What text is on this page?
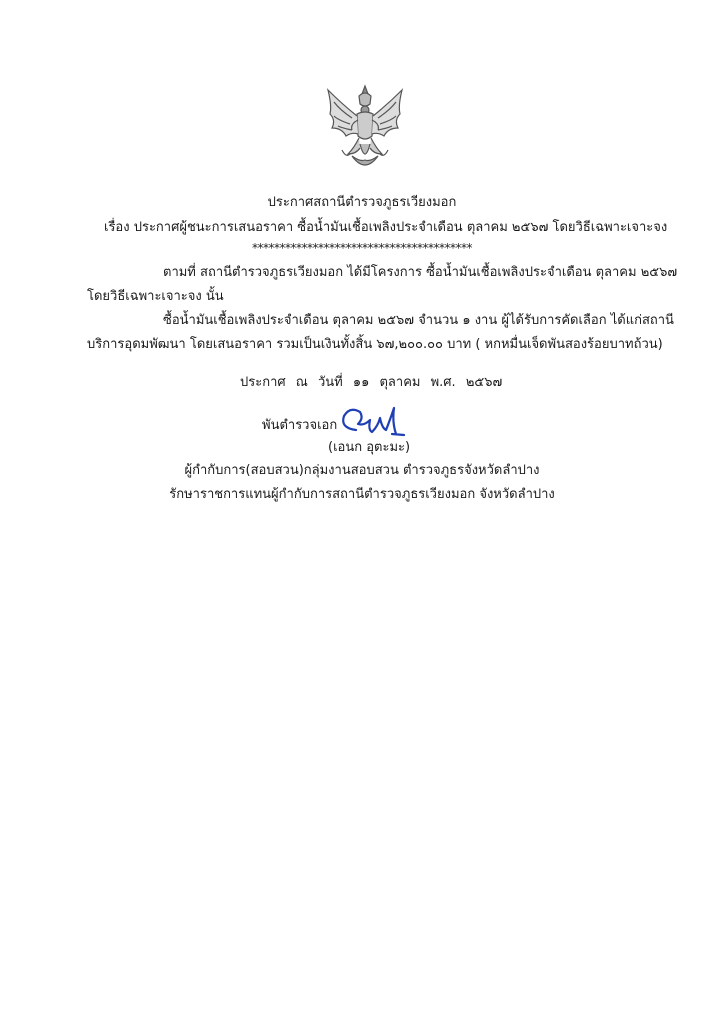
ประกาศสถานีตำรวจภูธรเวียงมอก
เรื่อง ประกาศผู้ชนะการเสนอราคา ซื้อน้ำมันเชื้อเพลิงประจำเดือน ตุลาคม ๒๕๖๗ โดยวิธีเฉพาะเจาะจง
****************************************
ตามที่ สถานีตำรวจภูธรเวียงมอก ได้มีโครงการ ซื้อน้ำมันเชื้อเพลิงประจำเดือน ตุลาคม ๒๕๖๗
โดยวิธีเฉพาะเจาะจง นั้น
ซื้อน้ำมันเชื้อเพลิงประจำเดือน ตุลาคม ๒๕๖๗ จำนวน ๑ งาน ผู้ได้รับการคัดเลือก ได้แก่สถานี
บริการอุดมพัฒนา โดยเสนอราคา รวมเป็นเงินทั้งสิ้น ๖๗,๒๐๐.๐๐ บาท ( หกหมื่นเจ็ดพันสองร้อยบาทถ้วน)
ประกาศ ณ วันที่ ๑๑ ตุลาคม พ.ศ. ๒๕๖๗
พันตำรวจเอก
(เอนก อุตะมะ)
ผู้กำกับการ(สอบสวน)กลุ่มงานสอบสวน ตำรวจภูธรจังหวัดลำปาง
รักษาราชการแทนผู้กำกับการสถานีตำรวจภูธรเวียงมอก จังหวัดลำปาง
